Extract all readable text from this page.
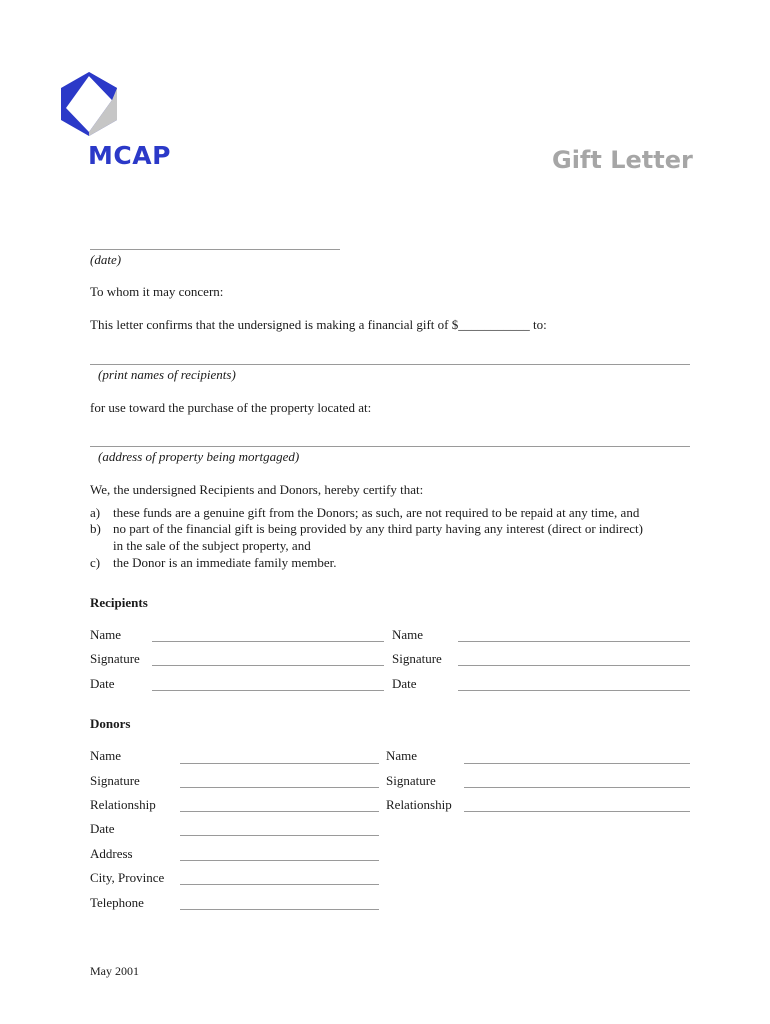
MCAP	Gift Letter
(date)
To whom it may concern:
This letter confirms that the undersigned is making a financial gift of $___________ to:
(print names of recipients)
for use toward the purchase of the property located at:
(address of property being mortgaged)
We, the undersigned Recipients and Donors, hereby certify that:
a) these funds are a genuine gift from the Donors; as such, are not required to be repaid at any time, and
b) no part of the financial gift is being provided by any third party having any interest (direct or indirect)
in the sale of the subject property, and
c) the Donor is an immediate family member.
Recipients
Name	Name
Signature	Signature
Date	Date
Donors
Name	Name
Signature	Signature
Relationship	Relationship
Date
Address
City, Province
Telephone
May 2001
